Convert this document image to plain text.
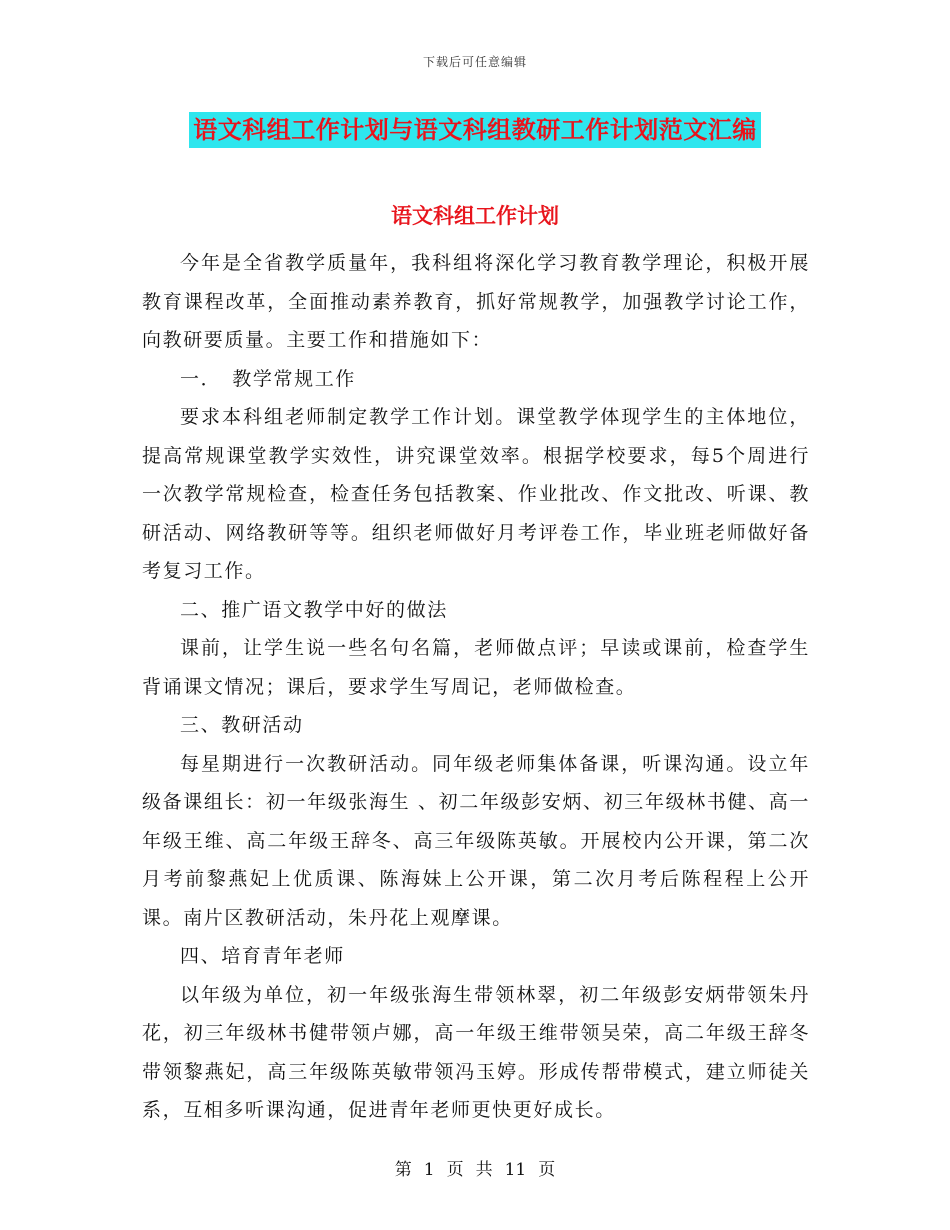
下载后可任意编辑
语文科组工作计划与语文科组教研工作计划范文汇编
语文科组工作计划

今年是全省教学质量年，我科组将深化学习教育教学理论，积极开展教育课程改革，全面推动素养教育，抓好常规教学，加强教学讨论工作，向教研要质量。主要工作和措施如下：

一．　教学常规工作

要求本科组老师制定教学工作计划。课堂教学体现学生的主体地位，提高常规课堂教学实效性，讲究课堂效率。根据学校要求，每5个周进行一次教学常规检查，检查任务包括教案、作业批改、作文批改、听课、教研活动、网络教研等等。组织老师做好月考评卷工作，毕业班老师做好备考复习工作。

二、推广语文教学中好的做法

课前，让学生说一些名句名篇，老师做点评；早读或课前，检查学生背诵课文情况；课后，要求学生写周记，老师做检查。

三、教研活动

每星期进行一次教研活动。同年级老师集体备课，听课沟通。设立年级备课组长：初一年级张海生 、初二年级彭安炳、初三年级林书健、高一年级王维、高二年级王辞冬、高三年级陈英敏。开展校内公开课，第二次月考前黎燕妃上优质课、陈海妹上公开课，第二次月考后陈程程上公开课。南片区教研活动，朱丹花上观摩课。

四、培育青年老师

以年级为单位，初一年级张海生带领林翠，初二年级彭安炳带领朱丹花，初三年级林书健带领卢娜，高一年级王维带领吴荣，高二年级王辞冬带领黎燕妃，高三年级陈英敏带领冯玉婷。形成传帮带模式，建立师徒关系，互相多听课沟通，促进青年老师更快更好成长。

第 1 页 共 11 页
